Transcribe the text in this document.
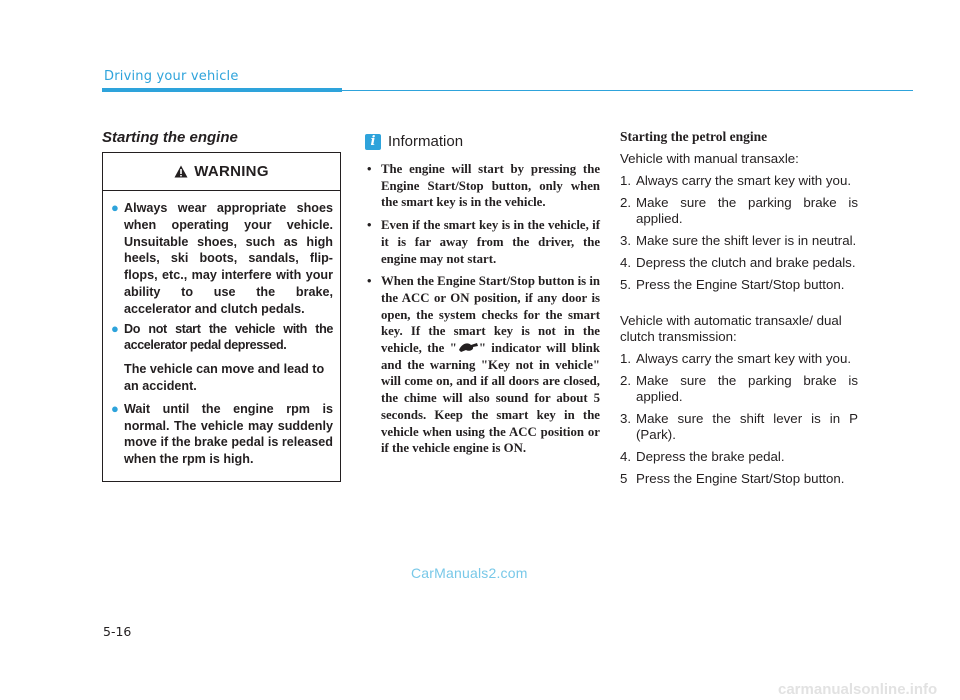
Driving your vehicle
Starting the engine
WARNING
● Always wear appropriate shoes when operating your vehicle. Unsuitable shoes, such as high heels, ski boots, sandals, flip-flops, etc., may interfere with your ability to use the brake, accelerator and clutch pedals.
● Do not start the vehicle with the accelerator pedal depressed.
The vehicle can move and lead to an accident.
● Wait until the engine rpm is normal. The vehicle may suddenly move if the brake pedal is released when the rpm is high.
i Information
• The engine will start by pressing the Engine Start/Stop button, only when the smart key is in the vehicle.
• Even if the smart key is in the vehicle, if it is far away from the driver, the engine may not start.
• When the Engine Start/Stop button is in the ACC or ON position, if any door is open, the system checks for the smart key. If the smart key is not in the vehicle, the " " indicator will blink and the warning "Key not in vehicle" will come on, and if all doors are closed, the chime will also sound for about 5 seconds. Keep the smart key in the vehicle when using the ACC position or if the vehicle engine is ON.
Starting the petrol engine
Vehicle with manual transaxle:
1. Always carry the smart key with you.
2. Make sure the parking brake is applied.
3. Make sure the shift lever is in neutral.
4. Depress the clutch and brake pedals.
5. Press the Engine Start/Stop button.
Vehicle with automatic transaxle/ dual clutch transmission:
1. Always carry the smart key with you.
2. Make sure the parking brake is applied.
3. Make sure the shift lever is in P (Park).
4. Depress the brake pedal.
5 Press the Engine Start/Stop button.
CarManuals2.com
5-16
carmanualsonline.info
